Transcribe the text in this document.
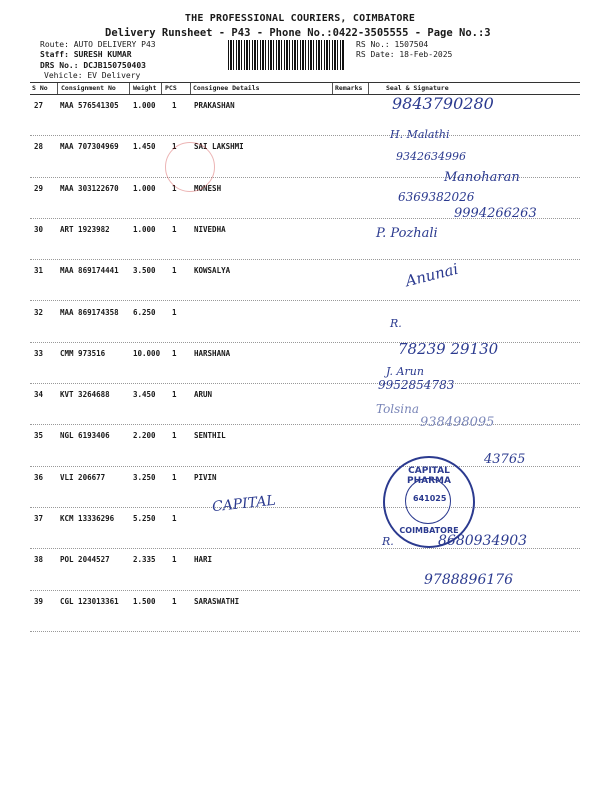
THE PROFESSIONAL COURIERS, COIMBATORE
Delivery Runsheet - P43 - Phone No.:0422-3505555 - Page No.:3
Route: AUTO DELIVERY P43
Staff: SURESH KUMAR
DRS No.: DCJB150750403
Vehicle: EV Delivery
RS No.: 1507504
RS Date: 18-Feb-2025
S No Consignment No	Weight PCS	Consignee Details	Remarks	Seal & Signature
27 MAA 576541305 1.000 1 PRAKASHAN
28 MAA 707304969 1.450 1 SAI LAKSHMI
29 MAA 303122670 1.000 1 MONESH
30 ART 1923982	1.000 1 NIVEDHA
31 MAA 869174441 3.500 1 KOWSALYA
32 MAA 869174358 6.250 1
33 CMM 973516	10.000 1 HARSHANA
34 KVT 3264688	3.450 1 ARUN
35 NGL 6193406	2.200 1 SENTHIL
36 VLI 206677	3.250 1 PIVIN
37 KCM 13336296	5.250 1
38 POL 2044527	2.335 1 HARI
39 CGL 123013361 1.500 1 SARASWATHI
9843790280
H. Malathi
9342634996
Manoharan
6369382026
9994266263
P. Pozhali
Anunai
R.
78239 29130
J. Arun
9952854783
Tolsina
938498095
43765
CAPITAL
R.	8680934903
9788896176
CAPITAL PHARMA
COIMBATORE
641025
